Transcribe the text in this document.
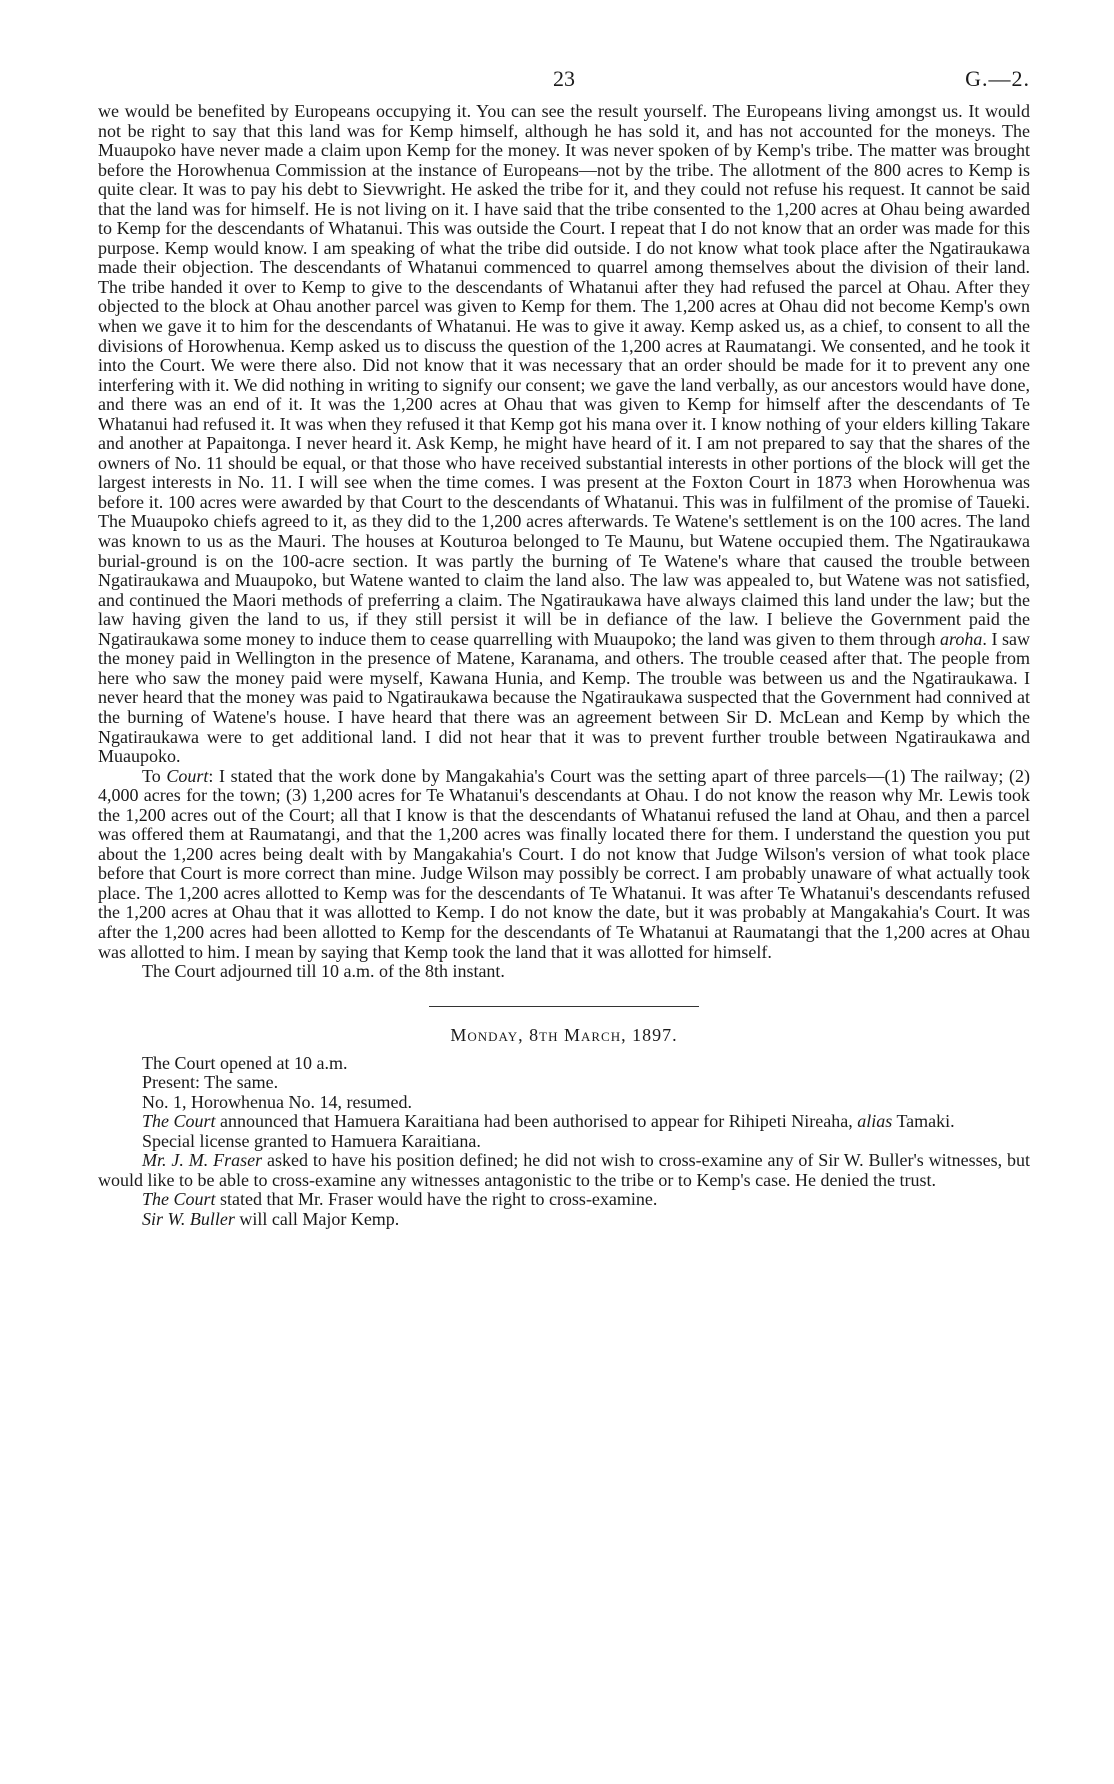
23	G.—2.

we would be benefited by Europeans occupying it. You can see the result yourself. The Europeans living amongst us. It would not be right to say that this land was for Kemp himself, although he has sold it, and has not accounted for the moneys. The Muaupoko have never made a claim upon Kemp for the money. It was never spoken of by Kemp's tribe. The matter was brought before the Horowhenua Commission at the instance of Europeans—not by the tribe. The allotment of the 800 acres to Kemp is quite clear. It was to pay his debt to Sievwright. He asked the tribe for it, and they could not refuse his request. It cannot be said that the land was for himself. He is not living on it. I have said that the tribe consented to the 1,200 acres at Ohau being awarded to Kemp for the descendants of Whatanui. This was outside the Court. I repeat that I do not know that an order was made for this purpose. Kemp would know. I am speaking of what the tribe did outside. I do not know what took place after the Ngatiraukawa made their objection. The descendants of Whatanui commenced to quarrel among themselves about the division of their land. The tribe handed it over to Kemp to give to the descendants of Whatanui after they had refused the parcel at Ohau. After they objected to the block at Ohau another parcel was given to Kemp for them. The 1,200 acres at Ohau did not become Kemp's own when we gave it to him for the descendants of Whatanui. He was to give it away. Kemp asked us, as a chief, to consent to all the divisions of Horowhenua. Kemp asked us to discuss the question of the 1,200 acres at Raumatangi. We consented, and he took it into the Court. We were there also. Did not know that it was necessary that an order should be made for it to prevent any one interfering with it. We did nothing in writing to signify our consent; we gave the land verbally, as our ancestors would have done, and there was an end of it. It was the 1,200 acres at Ohau that was given to Kemp for himself after the descendants of Te Whatanui had refused it. It was when they refused it that Kemp got his mana over it. I know nothing of your elders killing Takare and another at Papaitonga. I never heard it. Ask Kemp, he might have heard of it. I am not prepared to say that the shares of the owners of No. 11 should be equal, or that those who have received substantial interests in other portions of the block will get the largest interests in No. 11. I will see when the time comes. I was present at the Foxton Court in 1873 when Horowhenua was before it. 100 acres were awarded by that Court to the descendants of Whatanui. This was in fulfilment of the promise of Taueki. The Muaupoko chiefs agreed to it, as they did to the 1,200 acres afterwards. Te Watene's settlement is on the 100 acres. The land was known to us as the Mauri. The houses at Kouturoa belonged to Te Maunu, but Watene occupied them. The Ngatiraukawa burial-ground is on the 100-acre section. It was partly the burning of Te Watene's whare that caused the trouble between Ngatiraukawa and Muaupoko, but Watene wanted to claim the land also. The law was appealed to, but Watene was not satisfied, and continued the Maori methods of preferring a claim. The Ngatiraukawa have always claimed this land under the law; but the law having given the land to us, if they still persist it will be in defiance of the law. I believe the Government paid the Ngatiraukawa some money to induce them to cease quarrelling with Muaupoko; the land was given to them through aroha. I saw the money paid in Wellington in the presence of Matene, Karanama, and others. The trouble ceased after that. The people from here who saw the money paid were myself, Kawana Hunia, and Kemp. The trouble was between us and the Ngatiraukawa. I never heard that the money was paid to Ngatiraukawa because the Ngatiraukawa suspected that the Government had connived at the burning of Watene's house. I have heard that there was an agreement between Sir D. McLean and Kemp by which the Ngatiraukawa were to get additional land. I did not hear that it was to prevent further trouble between Ngatiraukawa and Muaupoko.

To Court: I stated that the work done by Mangakahia's Court was the setting apart of three parcels—(1) The railway; (2) 4,000 acres for the town; (3) 1,200 acres for Te Whatanui's descendants at Ohau. I do not know the reason why Mr. Lewis took the 1,200 acres out of the Court; all that I know is that the descendants of Whatanui refused the land at Ohau, and then a parcel was offered them at Raumatangi, and that the 1,200 acres was finally located there for them. I understand the question you put about the 1,200 acres being dealt with by Mangakahia's Court. I do not know that Judge Wilson's version of what took place before that Court is more correct than mine. Judge Wilson may possibly be correct. I am probably unaware of what actually took place. The 1,200 acres allotted to Kemp was for the descendants of Te Whatanui. It was after Te Whatanui's descendants refused the 1,200 acres at Ohau that it was allotted to Kemp. I do not know the date, but it was probably at Mangakahia's Court. It was after the 1,200 acres had been allotted to Kemp for the descendants of Te Whatanui at Raumatangi that the 1,200 acres at Ohau was allotted to him. I mean by saying that Kemp took the land that it was allotted for himself.

The Court adjourned till 10 a.m. of the 8th instant.

Monday, 8th March, 1897.

The Court opened at 10 a.m.

Present: The same.

No. 1, Horowhenua No. 14, resumed.

The Court announced that Hamuera Karaitiana had been authorised to appear for Rihipeti Nireaha, alias Tamaki.

Special license granted to Hamuera Karaitiana.

Mr. J. M. Fraser asked to have his position defined; he did not wish to cross-examine any of Sir W. Buller's witnesses, but would like to be able to cross-examine any witnesses antagonistic to the tribe or to Kemp's case. He denied the trust.

The Court stated that Mr. Fraser would have the right to cross-examine.

Sir W. Buller will call Major Kemp.
